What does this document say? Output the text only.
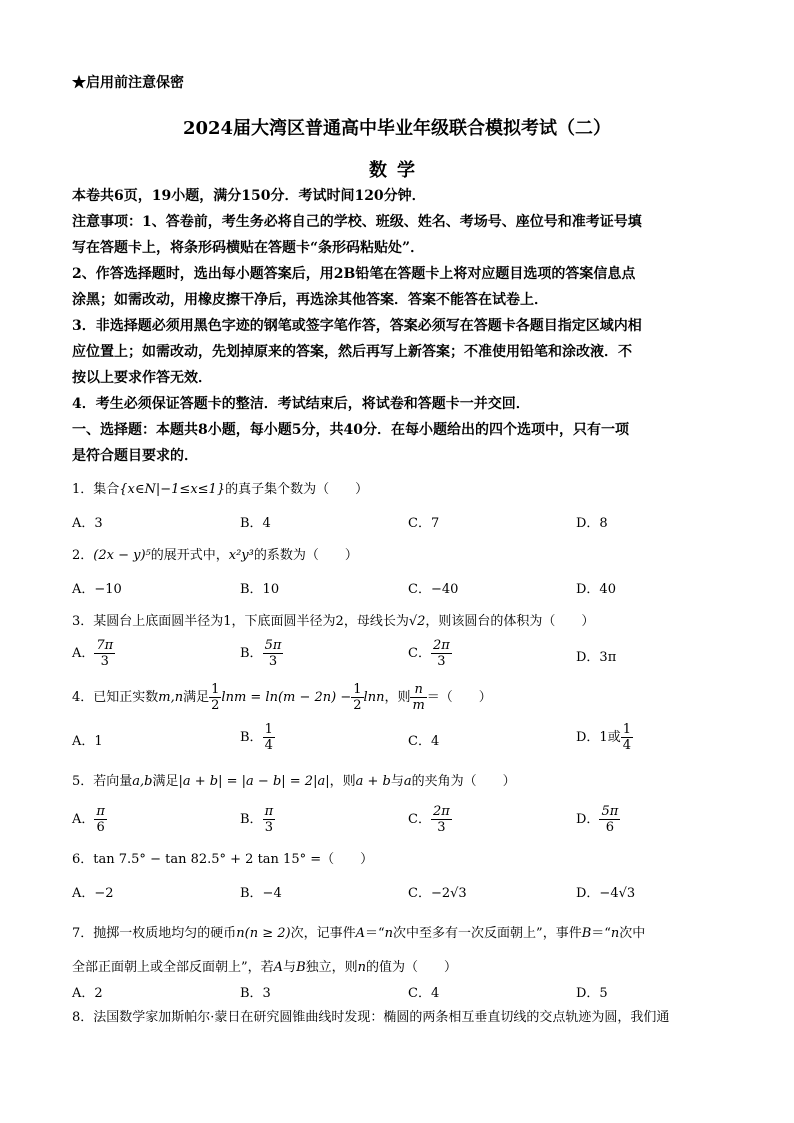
★启用前注意保密
2024届大湾区普通高中毕业年级联合模拟考试（二）
数学
本卷共6页，19小题，满分150分．考试时间120分钟．
注意事项：1、答卷前，考生务必将自己的学校、班级、姓名、考场号、座位号和准考证号填
写在答题卡上，将条形码横贴在答题卡“条形码粘贴处”．
2、作答选择题时，选出每小题答案后，用2B铅笔在答题卡上将对应题目选项的答案信息点
涂黑；如需改动，用橡皮擦干净后，再选涂其他答案．答案不能答在试卷上．
3．非选择题必须用黑色字迹的钢笔或签字笔作答，答案必须写在答题卡各题目指定区域内相
应位置上；如需改动，先划掉原来的答案，然后再写上新答案；不准使用铅笔和涂改液．不
按以上要求作答无效．
4．考生必须保证答题卡的整洁．考试结束后，将试卷和答题卡一并交回．
一、选择题：本题共8小题，每小题5分，共40分．在每小题给出的四个选项中，只有一项
是符合题目要求的．
1．集合{x∈N|−1≤x≤1}的真子集个数为（　　）
A．3	B．4	C．7	D．8
2．(2x − y)⁵的展开式中，x²y³的系数为（　　）
A．−10	B．10	C．−40	D．40
3．某圆台上底面圆半径为1，下底面圆半径为2，母线长为√2，则该圆台的体积为（　　）
A． $\frac{7\pi}{3}$	B． $\frac{5\pi}{3}$	C． $\frac{2\pi}{3}$	D．3π
4．已知正实数m,n满足 $\frac{1}{2}$ $\ln m = \ln(m - 2n) - \frac{1}{2}$ lnn，则 $\frac{n}{m}$ ＝（　　）
A．1	B． $\frac{1}{4}$	C．4	D．1或 $\frac{1}{4}$
5．若向量a,b满足|a + b| = |a − b| = 2|a|，则a + b与a的夹角为（　　）
A． $\frac{\pi}{6}$	B． $\frac{\pi}{3}$	C． $\frac{2\pi}{3}$	D． $\frac{5\pi}{6}$
6．tan 7.5° − tan 82.5° + 2 tan 15° =（　　）
A．−2	B．−4	C．−2√3	D．−4√3
7．抛掷一枚质地均匀的硬币n(n ≥ 2)次，记事件A＝“n次中至多有一次反面朝上”，事件B＝“n次中
全部正面朝上或全部反面朝上”，若A与B独立，则n的值为（　　）
A．2	B．3	C．4	D．5
8．法国数学家加斯帕尔·蒙日在研究圆锥曲线时发现：椭圆的两条相互垂直切线的交点轨迹为圆，我们通
